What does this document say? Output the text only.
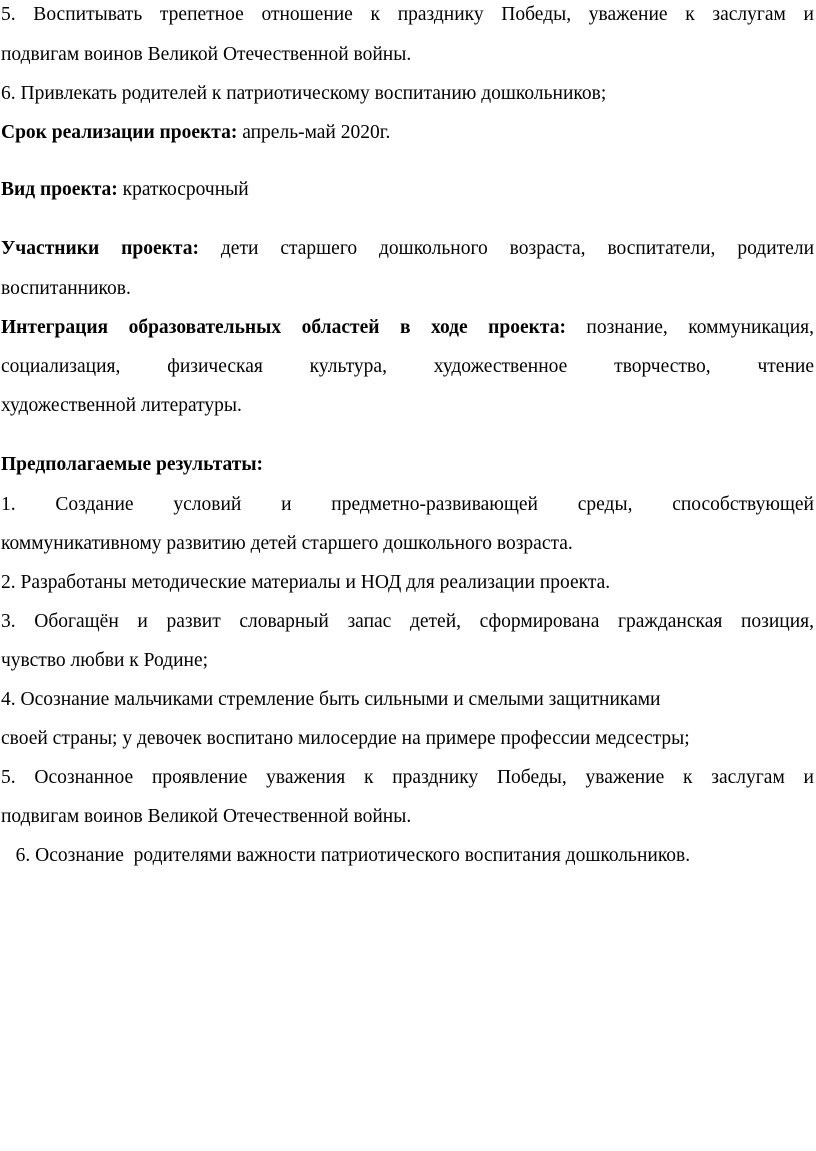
5. Воспитывать трепетное отношение к празднику Победы, уважение к заслугам и
подвигам воинов Великой Отечественной войны.
6. Привлекать родителей к патриотическому воспитанию дошкольников;
Срок реализации проекта: апрель-май 2020г.
Вид проекта: краткосрочный
Участники проекта: дети старшего дошкольного возраста, воспитатели, родители
воспитанников.
Интеграция образовательных областей в ходе проекта: познание, коммуникация,
социализация, физическая культура, художественное творчество, чтение
художественной литературы.
Предполагаемые результаты:
1. Создание условий и предметно-развивающей среды, способствующей
коммуникативному развитию детей старшего дошкольного возраста.
2. Разработаны методические материалы и НОД для реализации проекта.
3. Обогащён и развит словарный запас детей, сформирована гражданская позиция,
чувство любви к Родине;
4. Осознание мальчиками стремление быть сильными и смелыми защитниками
своей страны; у девочек воспитано милосердие на примере профессии медсестры;
5. Осознанное проявление уважения к празднику Победы, уважение к заслугам и
подвигам воинов Великой Отечественной войны.
6. Осознание  родителями важности патриотического воспитания дошкольников.
